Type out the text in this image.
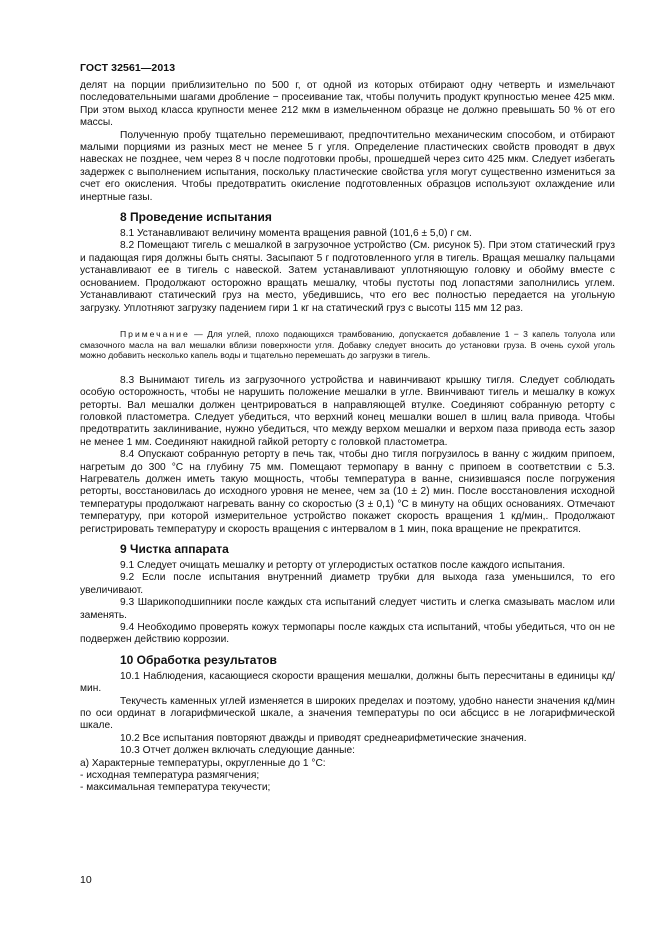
ГОСТ 32561—2013

делят на порции приблизительно по 500 г, от одной из которых отбирают одну четверть и измельчают последовательными шагами дробление − просеивание так, чтобы получить продукт крупностью менее 425 мкм. При этом выход класса крупности менее 212 мкм в измельченном образце не должно превышать 50 % от его массы.

Полученную пробу тщательно перемешивают, предпочтительно механическим способом, и отбирают малыми порциями из разных мест не менее 5 г угля. Определение пластических свойств проводят в двух навесках не позднее, чем через 8 ч после подготовки пробы, прошедшей через сито 425 мкм. Следует избегать задержек с выполнением испытания, поскольку пластические свойства угля могут существенно измениться за счет его окисления. Чтобы предотвратить окисление подготовленных образцов используют охлаждение или инертные газы.

8 Проведение испытания

8.1 Устанавливают величину момента вращения равной (101,6 ± 5,0) г см.

8.2 Помещают тигель с мешалкой в загрузочное устройство (См. рисунок 5). При этом статический груз и падающая гиря должны быть сняты. Засыпают 5 г подготовленного угля в тигель. Вращая мешалку пальцами устанавливают ее в тигель с навеской. Затем устанавливают уплотняющую головку и обойму вместе с основанием. Продолжают осторожно вращать мешалку, чтобы пустоты под лопастями заполнились углем. Устанавливают статический груз на место, убедившись, что его вес полностью передается на угольную загрузку. Уплотняют загрузку падением гири 1 кг на статический груз с высоты 115 мм 12 раз.

Примечание — Для углей, плохо подающихся трамбованию, допускается добавление 1 − 3 капель толуола или смазочного масла на вал мешалки вблизи поверхности угля. Добавку следует вносить до установки груза. В очень сухой уголь можно добавить несколько капель воды и тщательно перемешать до загрузки в тигель.

8.3 Вынимают тигель из загрузочного устройства и навинчивают крышку тигля. Следует соблюдать особую осторожность, чтобы не нарушить положение мешалки в угле. Ввинчивают тигель и мешалку в кожух реторты. Вал мешалки должен центрироваться в направляющей втулке. Соединяют собранную реторту с головкой пластометра. Следует убедиться, что верхний конец мешалки вошел в шлиц вала привода. Чтобы предотвратить заклинивание, нужно убедиться, что между верхом мешалки и верхом паза привода есть зазор не менее 1 мм. Соединяют накидной гайкой реторту с головкой пластометра.

8.4 Опускают собранную реторту в печь так, чтобы дно тигля погрузилось в ванну с жидким припоем, нагретым до 300 °С на глубину 75 мм. Помещают термопару в ванну с припоем в соответствии с 5.3. Нагреватель должен иметь такую мощность, чтобы температура в ванне, снизившаяся после погружения реторты, восстановилась до исходного уровня не менее, чем за (10 ± 2) мин. После восстановления исходной температуры продолжают нагревать ванну со скоростью (3 ± 0,1) °С в минуту на общих основаниях. Отмечают температуру, при которой измерительное устройство покажет скорость вращения 1 кд/мин,. Продолжают регистрировать температуру и скорость вращения с интервалом в 1 мин, пока вращение не прекратится.

9 Чистка аппарата

9.1 Следует очищать мешалку и реторту от углеродистых остатков после каждого испытания.

9.2 Если после испытания внутренний диаметр трубки для выхода газа уменьшился, то его увеличивают.

9.3 Шарикоподшипники после каждых ста испытаний следует чистить и слегка смазывать маслом или заменять.

9.4 Необходимо проверять кожух термопары после каждых ста испытаний, чтобы убедиться, что он не подвержен действию коррозии.

10 Обработка результатов

10.1 Наблюдения, касающиеся скорости вращения мешалки, должны быть пересчитаны в единицы кд/мин.

Текучесть каменных углей изменяется в широких пределах и поэтому, удобно нанести значения кд/мин по оси ординат в логарифмической шкале, а значения температуры по оси абсцисс в не логарифмической шкале.

10.2 Все испытания повторяют дважды и приводят среднеарифметические значения.

10.3 Отчет должен включать следующие данные:

а) Характерные температуры, округленные до 1 °С:

- исходная температура размягчения;

- максимальная температура текучести;

10
